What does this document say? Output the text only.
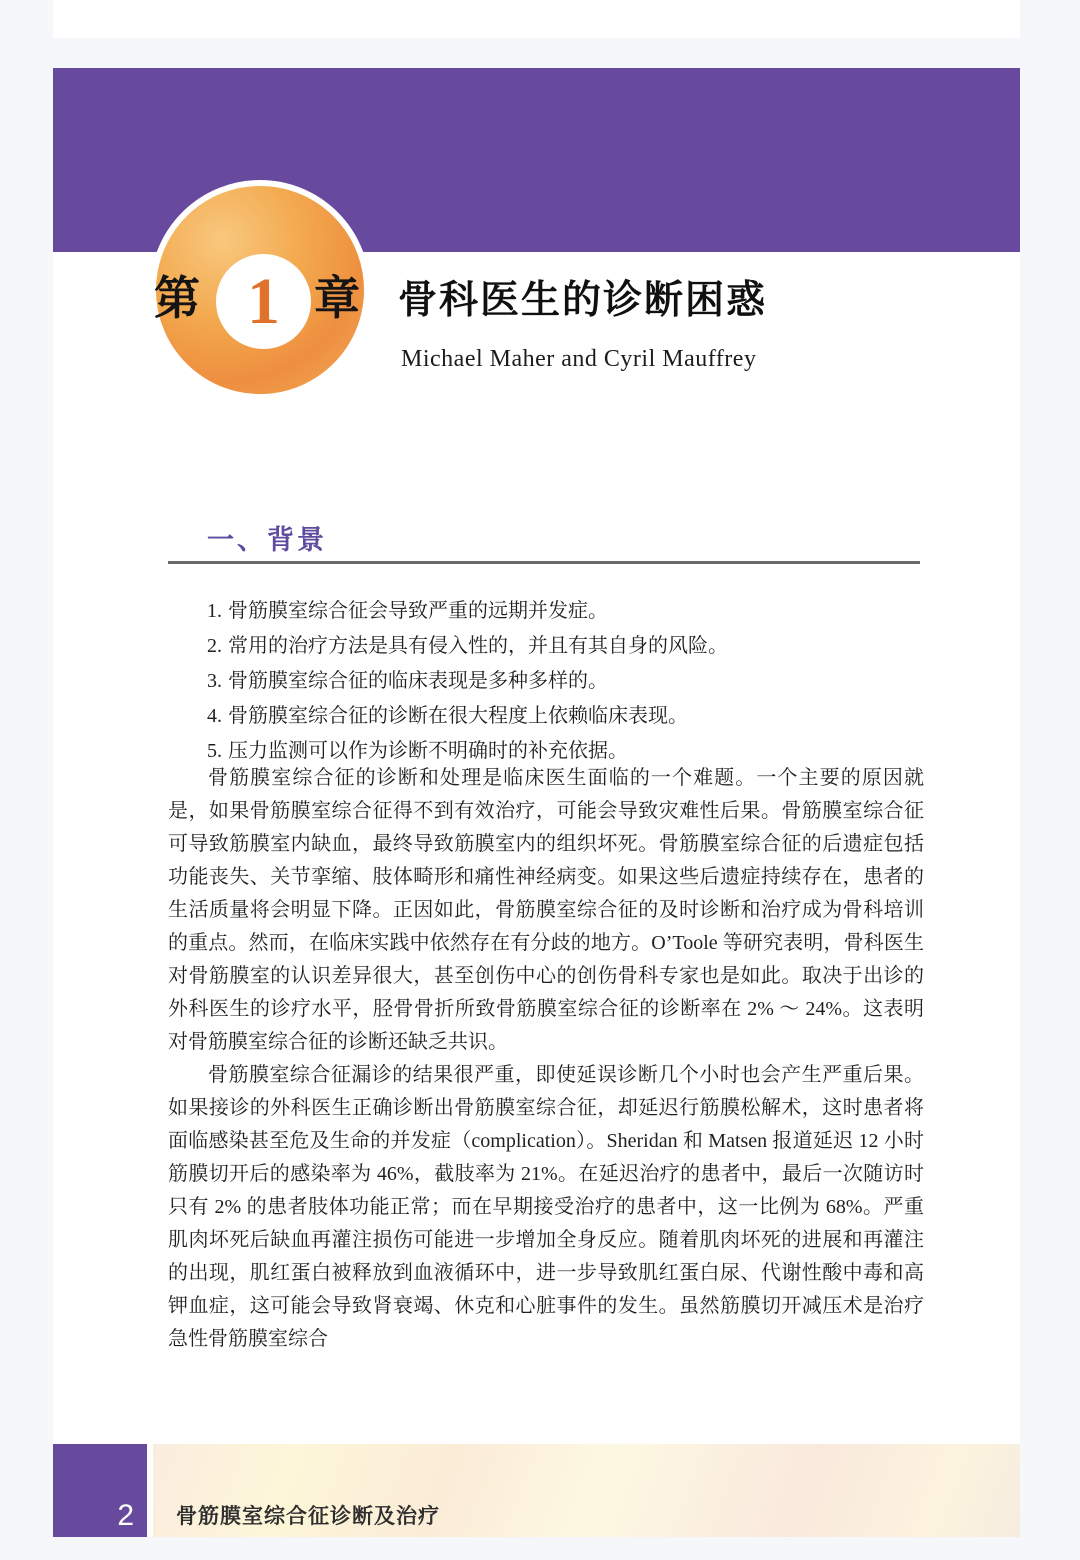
第 1 章 骨科医生的诊断困惑
Michael Maher and Cyril Mauffrey
一、背景
1. 骨筋膜室综合征会导致严重的远期并发症。
2. 常用的治疗方法是具有侵入性的，并且有其自身的风险。
3. 骨筋膜室综合征的临床表现是多种多样的。
4. 骨筋膜室综合征的诊断在很大程度上依赖临床表现。
5. 压力监测可以作为诊断不明确时的补充依据。

骨筋膜室综合征的诊断和处理是临床医生面临的一个难题。一个主要的原因就是，如果骨筋膜室综合征得不到有效治疗，可能会导致灾难性后果。骨筋膜室综合征可导致筋膜室内缺血，最终导致筋膜室内的组织坏死。骨筋膜室综合征的后遗症包括功能丧失、关节挛缩、肢体畸形和痛性神经病变。如果这些后遗症持续存在，患者的生活质量将会明显下降。正因如此，骨筋膜室综合征的及时诊断和治疗成为骨科培训的重点。然而，在临床实践中依然存在有分歧的地方。O’Toole 等研究表明，骨科医生对骨筋膜室的认识差异很大，甚至创伤中心的创伤骨科专家也是如此。取决于出诊的外科医生的诊疗水平，胫骨骨折所致骨筋膜室综合征的诊断率在 2% ～ 24%。这表明对骨筋膜室综合征的诊断还缺乏共识。

骨筋膜室综合征漏诊的结果很严重，即使延误诊断几个小时也会产生严重后果。如果接诊的外科医生正确诊断出骨筋膜室综合征，却延迟行筋膜松解术，这时患者将面临感染甚至危及生命的并发症（complication）。Sheridan 和 Matsen 报道延迟 12 小时筋膜切开后的感染率为 46%，截肢率为 21%。在延迟治疗的患者中，最后一次随访时只有 2% 的患者肢体功能正常；而在早期接受治疗的患者中，这一比例为 68%。严重肌肉坏死后缺血再灌注损伤可能进一步增加全身反应。随着肌肉坏死的进展和再灌注的出现，肌红蛋白被释放到血液循环中，进一步导致肌红蛋白尿、代谢性酸中毒和高钾血症，这可能会导致肾衰竭、休克和心脏事件的发生。虽然筋膜切开减压术是治疗急性骨筋膜室综合

2 骨筋膜室综合征诊断及治疗
